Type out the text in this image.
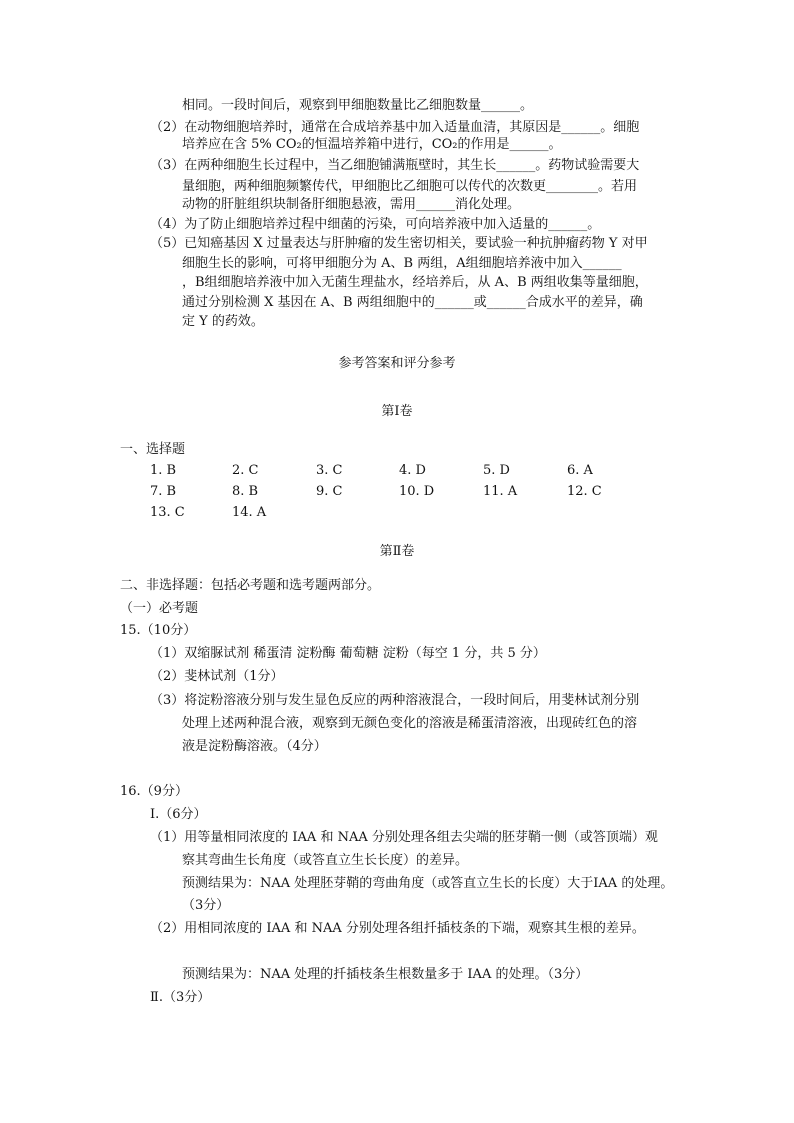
相同。一段时间后，观察到甲细胞数量比乙细胞数量______。
（2）在动物细胞培养时，通常在合成培养基中加入适量血清，其原因是______。细胞
培养应在含 5% CO₂的恒温培养箱中进行，CO₂的作用是______。
（3）在两种细胞生长过程中，当乙细胞铺满瓶壁时，其生长______。药物试验需要大
量细胞，两种细胞频繁传代，甲细胞比乙细胞可以传代的次数更________。若用
动物的肝脏组织块制备肝细胞悬液，需用______消化处理。
（4）为了防止细胞培养过程中细菌的污染，可向培养液中加入适量的______。
（5）已知癌基因 X 过量表达与肝肿瘤的发生密切相关，要试验一种抗肿瘤药物 Y 对甲
细胞生长的影响，可将甲细胞分为 A、B 两组，A组细胞培养液中加入______
，B组细胞培养液中加入无菌生理盐水，经培养后，从 A、B 两组收集等量细胞，
通过分别检测 X 基因在 A、B 两组细胞中的______或______合成水平的差异，确
定 Y 的药效。
参考答案和评分参考
第Ⅰ卷
一、选择题
1. B	2. C	3. C	4. D	5. D	6. A
7. B	8. B	9. C	10. D	11. A	12. C
13. C	14. A
第Ⅱ卷
二、非选择题：包括必考题和选考题两部分。
（一）必考题
15.（10分）
（1）双缩脲试剂 稀蛋清 淀粉酶 葡萄糖 淀粉（每空 1 分，共 5 分）
（2）斐林试剂（1分）
（3）将淀粉溶液分别与发生显色反应的两种溶液混合，一段时间后，用斐林试剂分别
处理上述两种混合液，观察到无颜色变化的溶液是稀蛋清溶液，出现砖红色的溶
液是淀粉酶溶液。（4分）
16.（9分）
Ⅰ.（6分）
（1）用等量相同浓度的 IAA 和 NAA 分别处理各组去尖端的胚芽鞘一侧（或答顶端）观
察其弯曲生长角度（或答直立生长长度）的差异。
预测结果为：NAA 处理胚芽鞘的弯曲角度（或答直立生长的长度）大于IAA 的处理。
（3分）
（2）用相同浓度的 IAA 和 NAA 分别处理各组扦插枝条的下端，观察其生根的差异。
预测结果为：NAA 处理的扦插枝条生根数量多于 IAA 的处理。（3分）
Ⅱ.（3分）
